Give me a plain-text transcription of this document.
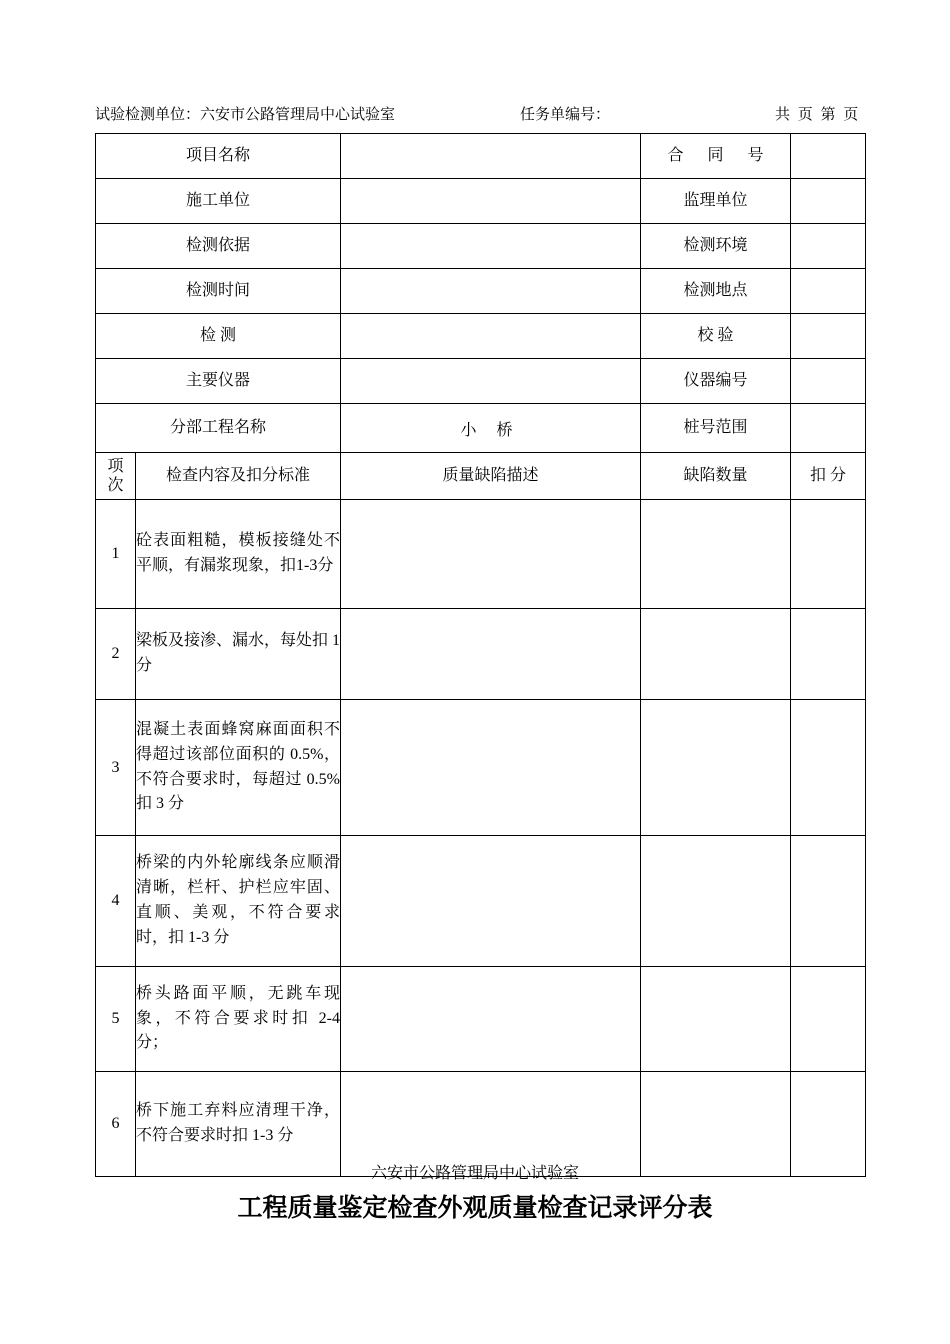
试验检测单位：六安市公路管理局中心试验室	任务单编号：	共 页 第 页
项目名称			合 同 号	
施工单位			监理单位	
检测依据			检测环境	
检测时间			检测地点	
检 测			校 验	
主要仪器			仪器编号	
分部工程名称		小 桥	桩号范围	
项次	检查内容及扣分标准	质量缺陷描述	缺陷数量	扣 分
1	砼表面粗糙，模板接缝处不平顺，有漏浆现象，扣1-3分			
2	梁板及接渗、漏水，每处扣 1 分			
3	混凝土表面蜂窝麻面面积不得超过该部位面积的 0.5%，不符合要求时，每超过 0.5%扣 3 分			
4	桥梁的内外轮廓线条应顺滑清晰，栏杆、护栏应牢固、直顺、美观，不符合要求时，扣 1-3 分			
5	桥头路面平顺，无跳车现象，不符合要求时扣 2-4 分；			
6	桥下施工弃料应清理干净，不符合要求时扣 1-3 分			
六安市公路管理局中心试验室
工程质量鉴定检查外观质量检查记录评分表
